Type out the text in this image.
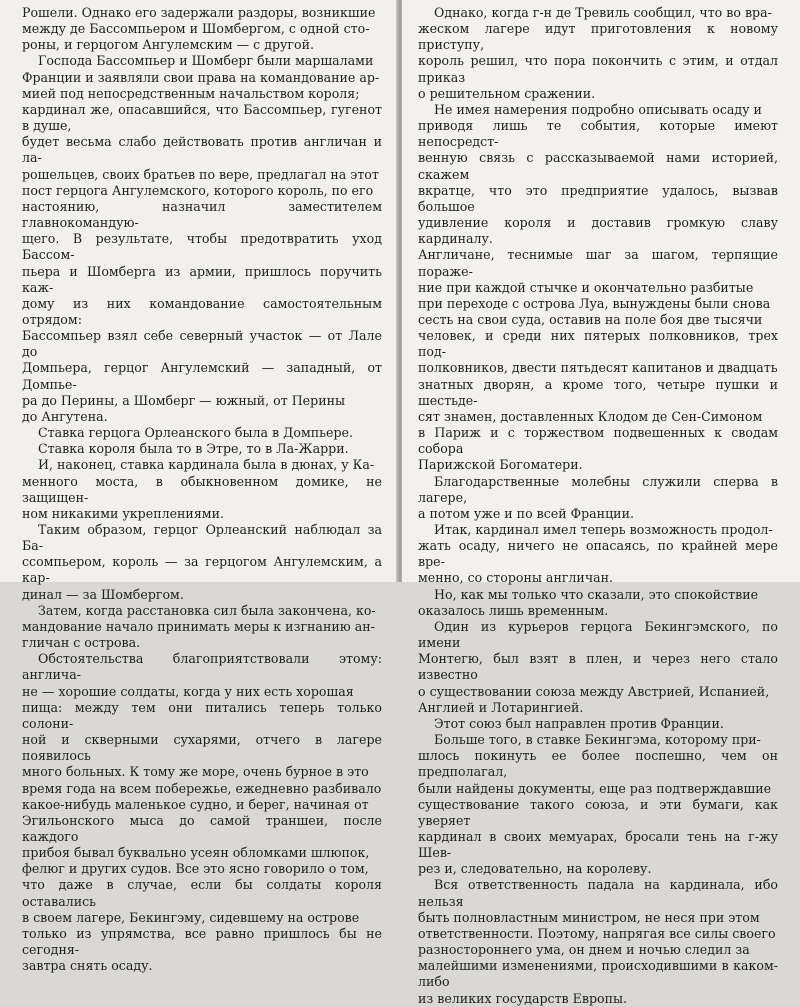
Рошели. Однако его задержали раздоры, возникшие
между де Бассомпьером и Шомбергом, с одной сто-
роны, и герцогом Ангулемским — с другой.

Господа Бассомпьер и Шомберг были маршалами
Франции и заявляли свои права на командование ар-
мией под непосредственным начальством короля;
кардинал же, опасавшийся, что Бассомпьер, гугенот в душе,
будет весьма слабо действовать против англичан и ла-
рошельцев, своих братьев по вере, предлагал на этот
пост герцога Ангулемского, которого король, по его
настоянию, назначил заместителем главнокомандую-
щего. В результате, чтобы предотвратить уход Бассом-
пьера и Шомберга из армии, пришлось поручить каж-
дому из них командование самостоятельным отрядом:
Бассомпьер взял себе северный участок — от Лале до
Домпьера, герцог Ангулемский — западный, от Домпье-
ра до Перины, а Шомберг — южный, от Перины
до Ангутена.

Ставка герцога Орлеанского была в Домпьере.

Ставка короля была то в Этре, то в Ла-Жарри.

И, наконец, ставка кардинала была в дюнах, у Ка-
менного моста, в обыкновенном домике, не защищен-
ном никакими укреплениями.

Таким образом, герцог Орлеанский наблюдал за Ба-
ссомпьером, король — за герцогом Ангулемским, а кар-
динал — за Шомбергом.

Затем, когда расстановка сил была закончена, ко-
мандование начало принимать меры к изгнанию ан-
гличан с острова.

Обстоятельства благоприятствовали этому: англича-
не — хорошие солдаты, когда у них есть хорошая
пища: между тем они питались теперь только солони-
ной и скверными сухарями, отчего в лагере появилось
много больных. К тому же море, очень бурное в это
время года на всем побережье, ежедневно разбивало
какое-нибудь маленькое судно, и берег, начиная от
Эгильонского мыса до самой траншеи, после каждого
прибоя бывал буквально усеян обломками шлюпок,
фелюг и других судов. Все это ясно говорило о том,
что даже в случае, если бы солдаты короля оставались
в своем лагере, Бекингэму, сидевшему на острове
только из упрямства, все равно пришлось бы не сегодня-
завтра снять осаду.

Однако, когда г-н де Тревиль сообщил, что во вра-
жеском лагере идут приготовления к новому приступу,
король решил, что пора покончить с этим, и отдал приказ
о решительном сражении.

Не имея намерения подробно описывать осаду и
приводя лишь те события, которые имеют непосредст-
венную связь с рассказываемой нами историей, скажем
вкратце, что это предприятие удалось, вызвав большое
удивление короля и доставив громкую славу кардиналу.
Англичане, теснимые шаг за шагом, терпящие пораже-
ние при каждой стычке и окончательно разбитые
при переходе с острова Луа, вынуждены были снова
сесть на свои суда, оставив на поле боя две тысячи
человек, и среди них пятерых полковников, трех под-
полковников, двести пятьдесят капитанов и двадцать
знатных дворян, а кроме того, четыре пушки и шестьде-
сят знамен, доставленных Клодом де Сен-Симоном
в Париж и с торжеством подвешенных к сводам собора
Парижской Богоматери.

Благодарственные молебны служили сперва в лагере,
а потом уже и по всей Франции.

Итак, кардинал имел теперь возможность продол-
жать осаду, ничего не опасаясь, по крайней мере вре-
менно, со стороны англичан.

Но, как мы только что сказали, это спокойствие
оказалось лишь временным.

Один из курьеров герцога Бекингэмского, по имени
Монтегю, был взят в плен, и через него стало известно
о существовании союза между Австрией, Испанией,
Англией и Лотарингией.

Этот союз был направлен против Франции.

Больше того, в ставке Бекингэма, которому при-
шлось покинуть ее более поспешно, чем он предполагал,
были найдены документы, еще раз подтверждавшие
существование такого союза, и эти бумаги, как уверяет
кардинал в своих мемуарах, бросали тень на г-жу Шев-
рез и, следовательно, на королеву.

Вся ответственность падала на кардинала, ибо нельзя
быть полновластным министром, не неся при этом
ответственности. Поэтому, напрягая все силы своего
разностороннего ума, он днем и ночью следил за
малейшими изменениями, происходившими в каком-либо
из великих государств Европы.
